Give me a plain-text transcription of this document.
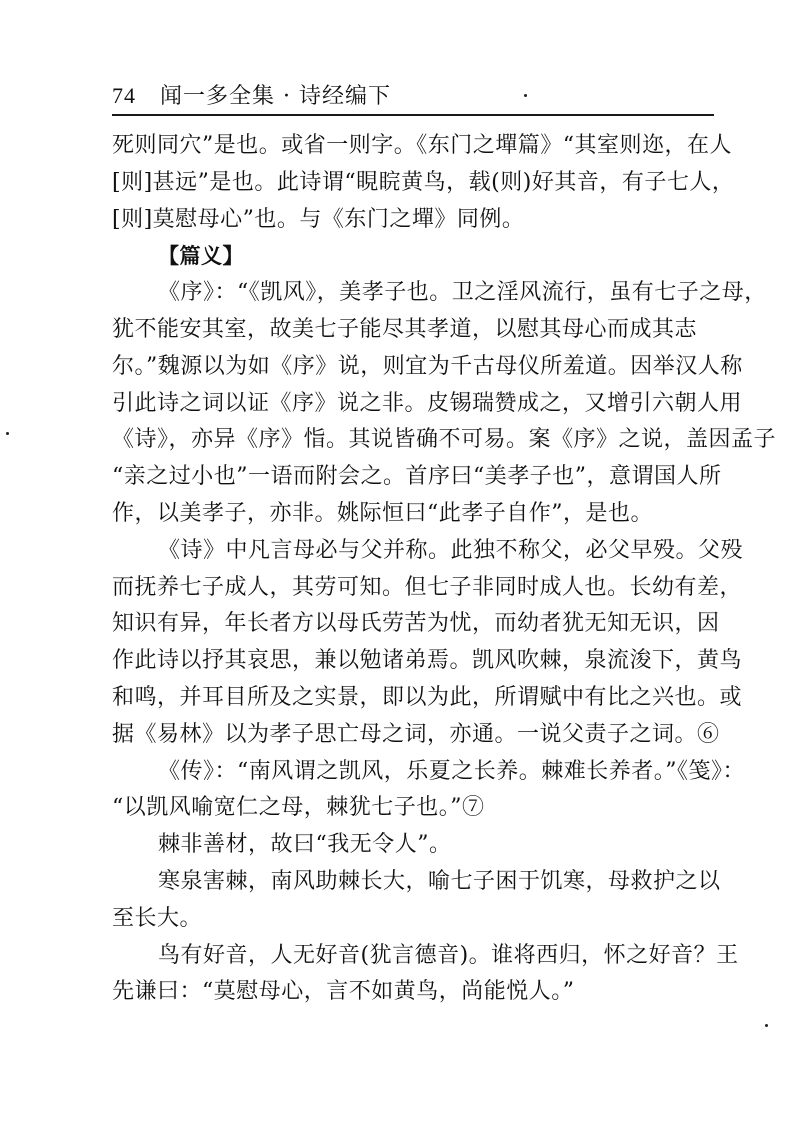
74 闻一多全集 · 诗经编下
死则同穴”是也。或省一则字。《东门之墠篇》“其室则迩，在人
[则]甚远”是也。此诗谓“睍睆黄鸟，载(则)好其音，有子七人，
[则]莫慰母心”也。与《东门之墠》同例。
【篇义】
《序》：“《凯风》，美孝子也。卫之淫风流行，虽有七子之母，
犹不能安其室，故美七子能尽其孝道，以慰其母心而成其志
尔。”魏源以为如《序》说，则宜为千古母仪所羞道。因举汉人称
引此诗之词以证《序》说之非。皮锡瑞赞成之，又增引六朝人用
《诗》，亦异《序》恉。其说皆确不可易。案《序》之说，盖因孟子
“亲之过小也”一语而附会之。首序曰“美孝子也”，意谓国人所
作，以美孝子，亦非。姚际恒曰“此孝子自作”，是也。
《诗》中凡言母必与父并称。此独不称父，必父早殁。父殁
而抚养七子成人，其劳可知。但七子非同时成人也。长幼有差，
知识有异，年长者方以母氏劳苦为忧，而幼者犹无知无识，因
作此诗以抒其哀思，兼以勉诸弟焉。凯风吹棘，泉流浚下，黄鸟
和鸣，并耳目所及之实景，即以为此，所谓赋中有比之兴也。或
据《易林》以为孝子思亡母之词，亦通。一说父责子之词。⑥
《传》：“南风谓之凯风，乐夏之长养。棘难长养者。”《笺》：
“以凯风喻宽仁之母，棘犹七子也。”⑦
棘非善材，故曰“我无令人”。
寒泉害棘，南风助棘长大，喻七子困于饥寒，母救护之以
至长大。
鸟有好音，人无好音(犹言德音)。谁将西归，怀之好音？王
先谦曰：“莫慰母心，言不如黄鸟，尚能悦人。”
